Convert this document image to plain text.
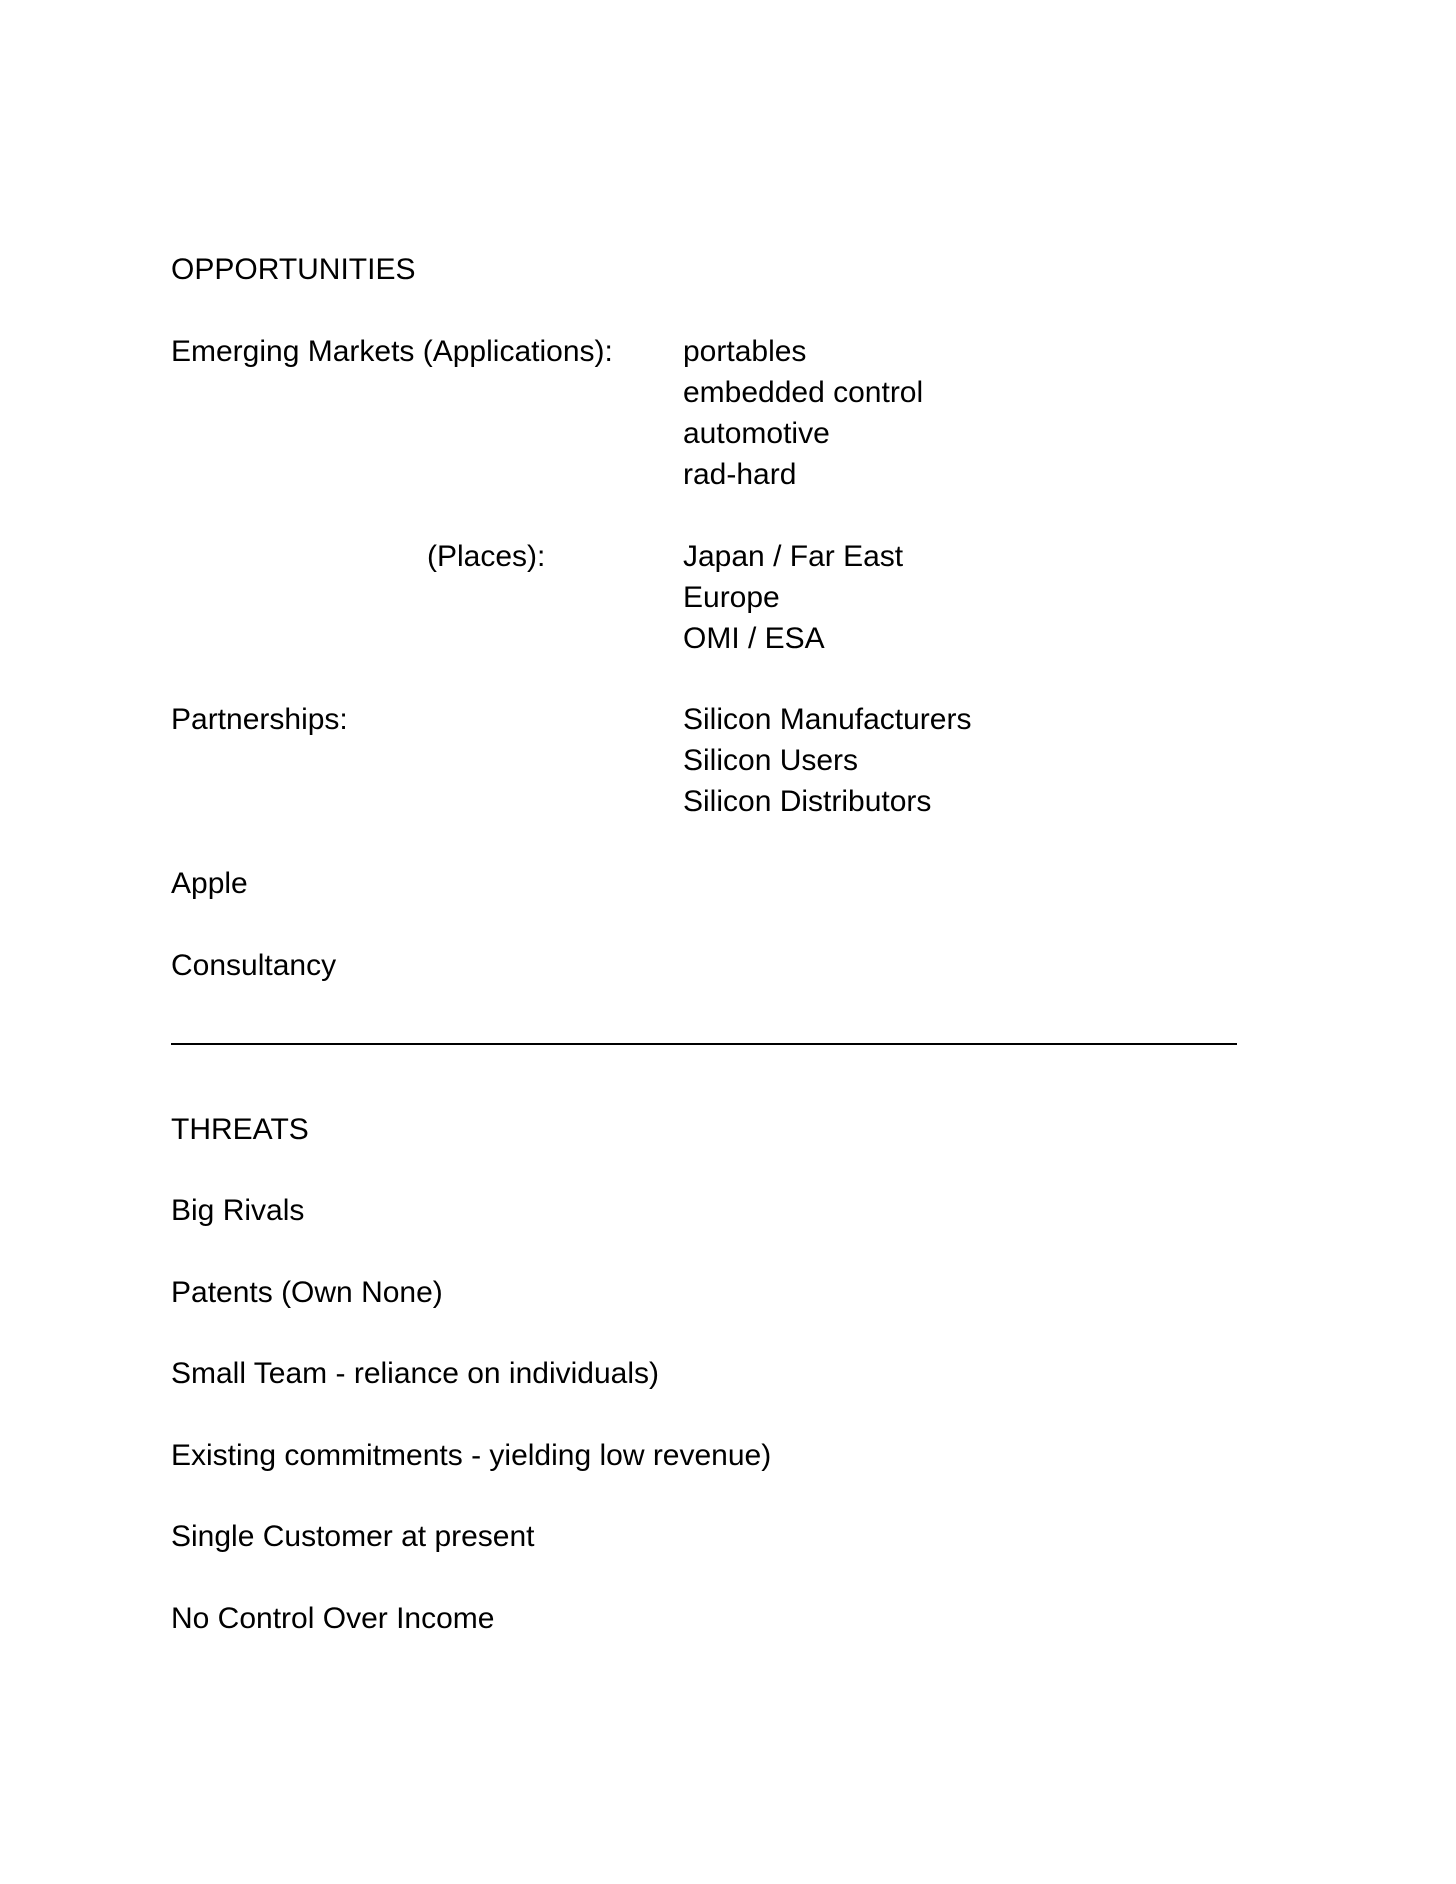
OPPORTUNITIES
Emerging Markets (Applications): portables
embedded control
automotive
rad-hard
(Places):	Japan / Far East
Europe
OMI / ESA
Partnerships:	Silicon Manufacturers
Silicon Users
Silicon Distributors
Apple
Consultancy
THREATS
Big Rivals
Patents (Own None)
Small Team - reliance on individuals)
Existing commitments - yielding low revenue)
Single Customer at present
No Control Over Income
